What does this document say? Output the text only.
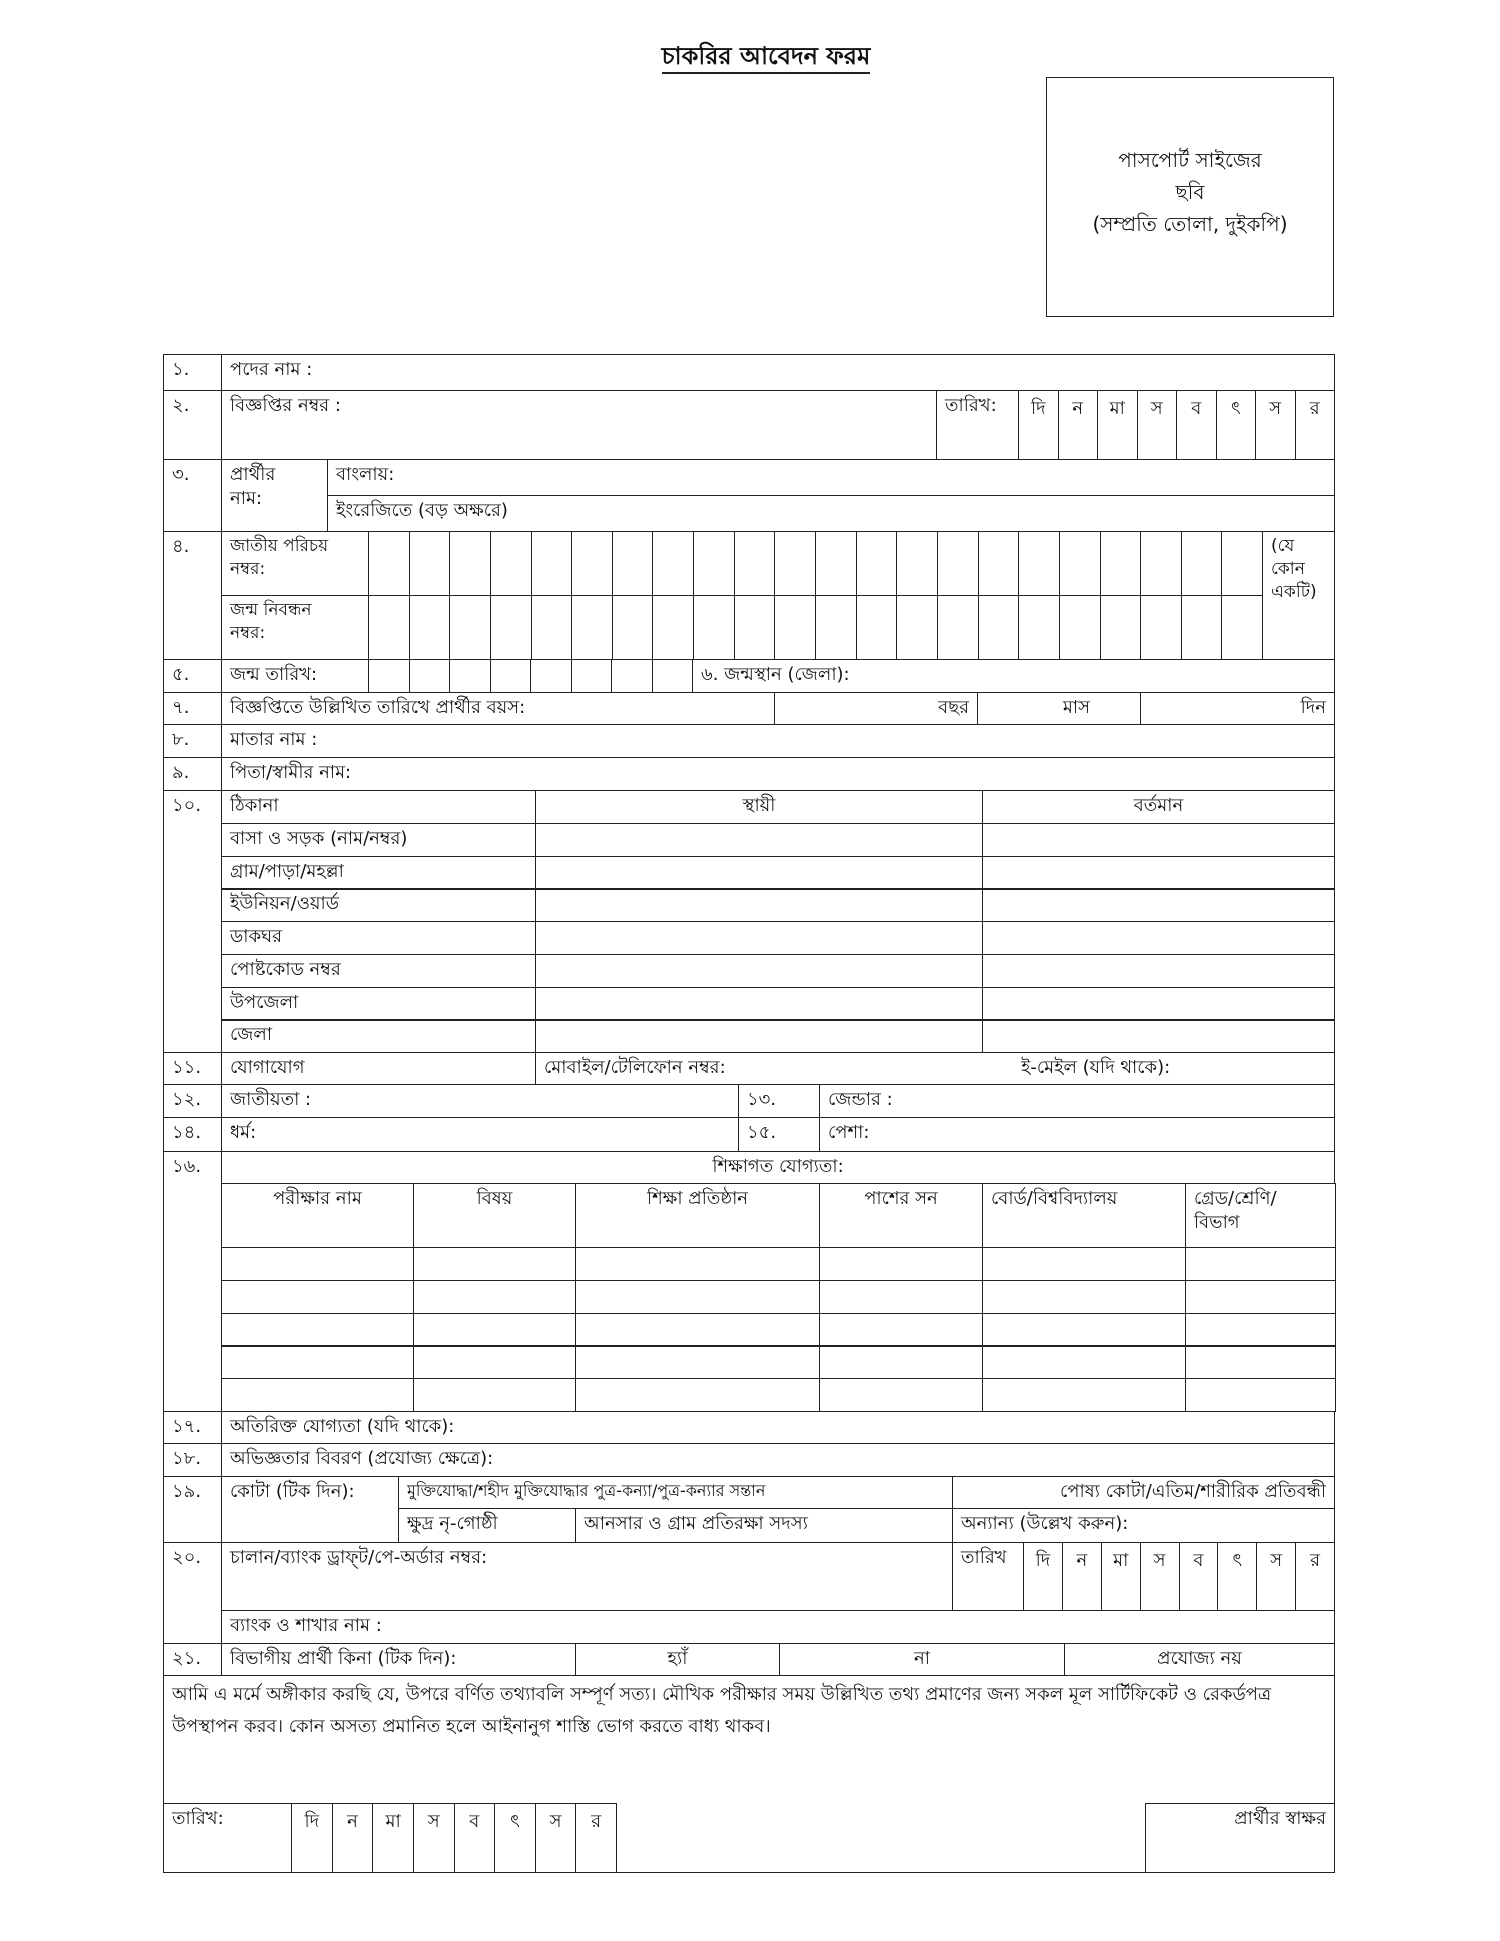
চাকরির আবেদন ফরম
পাসপোর্ট সাইজের
ছবি
(সম্প্রতি তোলা, দুইকপি)
১.	পদের নাম :
২.	বিজ্ঞপ্তির নম্বর :	তারিখ:	দি	ন	মা	স	ব	ৎ	স	র
৩.	প্রার্থীর
নাম:
বাংলায়:
ইংরেজিতে (বড় অক্ষরে)
৪.	জাতীয় পরিচয়
নম্বর:
জন্ম নিবন্ধন
নম্বর:
(যে কোন একটি)
৫.	জন্ম তারিখ:	৬. জন্মস্থান (জেলা):
৭.	বিজ্ঞপ্তিতে উল্লিখিত তারিখে প্রার্থীর বয়স:	বছর	মাস	দিন
৮.	মাতার নাম :
৯.	পিতা/স্বামীর নাম:
১০.	ঠিকানা	স্থায়ী	বর্তমান
বাসা ও সড়ক (নাম/নম্বর)
গ্রাম/পাড়া/মহল্লা
ইউনিয়ন/ওয়ার্ড
ডাকঘর
পোষ্টকোড নম্বর
উপজেলা
জেলা
১১.	যোগাযোগ	মোবাইল/টেলিফোন নম্বর:	ই-মেইল (যদি থাকে):
১২.	জাতীয়তা :	১৩.	জেন্ডার :
১৪.	ধর্ম:	১৫.	পেশা:
১৬.	শিক্ষাগত যোগ্যতা:
পরীক্ষার নাম	বিষয়	শিক্ষা প্রতিষ্ঠান	পাশের সন	বোর্ড/বিশ্ববিদ্যালয়	গ্রেড/শ্রেণি/ বিভাগ
১৭.	অতিরিক্ত যোগ্যতা (যদি থাকে):
১৮.	অভিজ্ঞতার বিবরণ (প্রযোজ্য ক্ষেত্রে):
১৯.	কোটা (টিক দিন):	মুক্তিযোদ্ধা/শহীদ মুক্তিযোদ্ধার পুত্র-কন্যা/পুত্র-কন্যার সন্তান	পোষ্য কোটা/এতিম/শারীরিক প্রতিবন্ধী
ক্ষুদ্র নৃ-গোষ্ঠী	আনসার ও গ্রাম প্রতিরক্ষা সদস্য	অন্যান্য (উল্লেখ করুন):
২০.	চালান/ব্যাংক ড্রাফ্‌ট/পে-অর্ডার নম্বর:	তারিখ	দি	ন	মা	স	ব	ৎ	স	র
ব্যাংক ও শাখার নাম :
২১.	বিভাগীয় প্রার্থী কিনা (টিক দিন):	হ্যাঁ	না	প্রযোজ্য নয়
আমি এ মর্মে অঙ্গীকার করছি যে, উপরে বর্ণিত তথ্যাবলি সম্পূর্ণ সত্য। মৌখিক পরীক্ষার সময় উল্লিখিত তথ্য প্রমাণের জন্য সকল মূল সার্টিফিকেট ও রেকর্ডপত্র উপস্থাপন করব। কোন অসত্য প্রমানিত হলে আইনানুগ শাস্তি ভোগ করতে বাধ্য থাকব।
তারিখ:	দি	ন	মা	স	ব	ৎ	স	র	প্রার্থীর স্বাক্ষর
